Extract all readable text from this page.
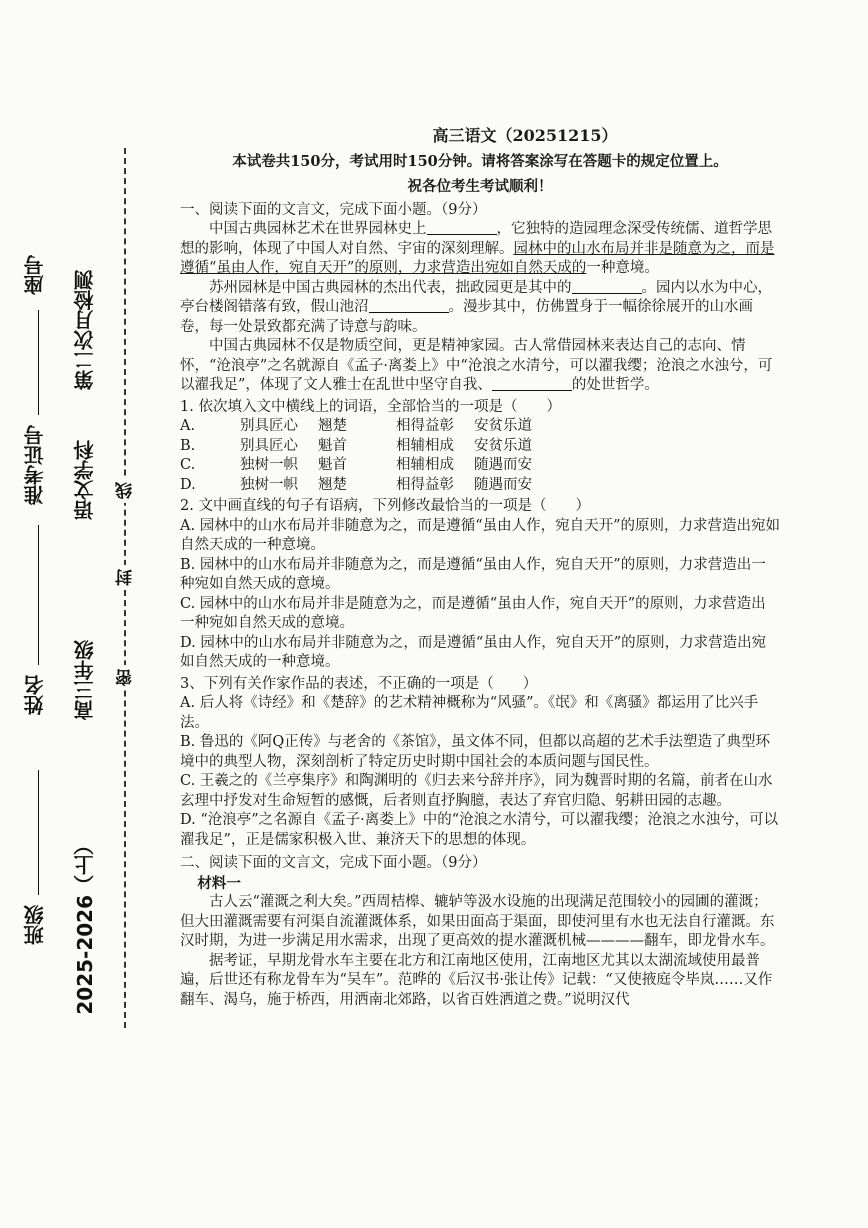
班级
姓名
准考证号
座号
2025-2026（上）
高三年级
语文学科
第二次月检测
密
封
线
高三语文（20251215）
本试卷共150分，考试用时150分钟。请将答案涂写在答题卡的规定位置上。
祝各位考生考试顺利！
一、阅读下面的文言文，完成下面小题。（9分）
中国古典园林艺术在世界园林史上	，它独特的造园理念深受传统儒、道哲学思想的影响，体现了中国人对自然、宇宙的深刻理解。园林中的山水布局并非是随意为之，而是遵循“虽由人作，宛自天开”的原则，力求营造出宛如自然天成的一种意境。
苏州园林是中国古典园林的杰出代表，拙政园更是其中的	。园内以水为中心，亭台楼阁错落有致，假山池沼	。漫步其中，仿佛置身于一幅徐徐展开的山水画卷，每一处景致都充满了诗意与韵味。
中国古典园林不仅是物质空间，更是精神家园。古人常借园林来表达自己的志向、情怀，“沧浪亭”之名就源自《孟子·离娄上》中“沧浪之水清兮，可以濯我缨；沧浪之水浊兮，可以濯我足”，体现了文人雅士在乱世中坚守自我、	的处世哲学。
1. 依次填入文中横线上的词语，全部恰当的一项是（　　）
A.	别具匠心	翘楚	相得益彰	安贫乐道
B.	别具匠心	魁首	相辅相成	安贫乐道
C.	独树一帜	魁首	相辅相成	随遇而安
D.	独树一帜	翘楚	相得益彰	随遇而安
2. 文中画直线的句子有语病，下列修改最恰当的一项是（　　）
A. 园林中的山水布局并非随意为之，而是遵循“虽由人作，宛自天开”的原则，力求营造出宛如自然天成的一种意境。
B. 园林中的山水布局并非随意为之，而是遵循“虽由人作，宛自天开”的原则，力求营造出一种宛如自然天成的意境。
C. 园林中的山水布局并非是随意为之，而是遵循“虽由人作，宛自天开”的原则，力求营造出一种宛如自然天成的意境。
D. 园林中的山水布局并非随意为之，而是遵循“虽由人作，宛自天开”的原则，力求营造出宛如自然天成的一种意境。
3、下列有关作家作品的表述，不正确的一项是（　　）
A. 后人将《诗经》和《楚辞》的艺术精神概称为“风骚”。《氓》和《离骚》都运用了比兴手法。
B. 鲁迅的《阿Q正传》与老舍的《茶馆》，虽文体不同，但都以高超的艺术手法塑造了典型环境中的典型人物，深刻剖析了特定历史时期中国社会的本质问题与国民性。
C. 王羲之的《兰亭集序》和陶渊明的《归去来兮辞并序》，同为魏晋时期的名篇，前者在山水玄理中抒发对生命短暂的感慨，后者则直抒胸臆，表达了弃官归隐、躬耕田园的志趣。
D. “沧浪亭”之名源自《孟子·离娄上》中的“沧浪之水清兮，可以濯我缨；沧浪之水浊兮，可以濯我足”，正是儒家积极入世、兼济天下的思想的体现。
二、阅读下面的文言文，完成下面小题。（9分）
材料一
古人云“灌溉之利大矣。”西周桔槔、辘轳等汲水设施的出现满足范围较小的园圃的灌溉；但大田灌溉需要有河渠自流灌溉体系，如果田面高于渠面，即使河里有水也无法自行灌溉。东汉时期，为进一步满足用水需求，出现了更高效的提水灌溉机械————翻车，即龙骨水车。
据考证，早期龙骨水车主要在北方和江南地区使用，江南地区尤其以太湖流域使用最普遍，后世还有称龙骨车为“吴车”。范晔的《后汉书·张让传》记载：“又使掖庭令毕岚……又作翻车、渴乌，施于桥西，用洒南北郊路，以省百姓洒道之费。”说明汉代
